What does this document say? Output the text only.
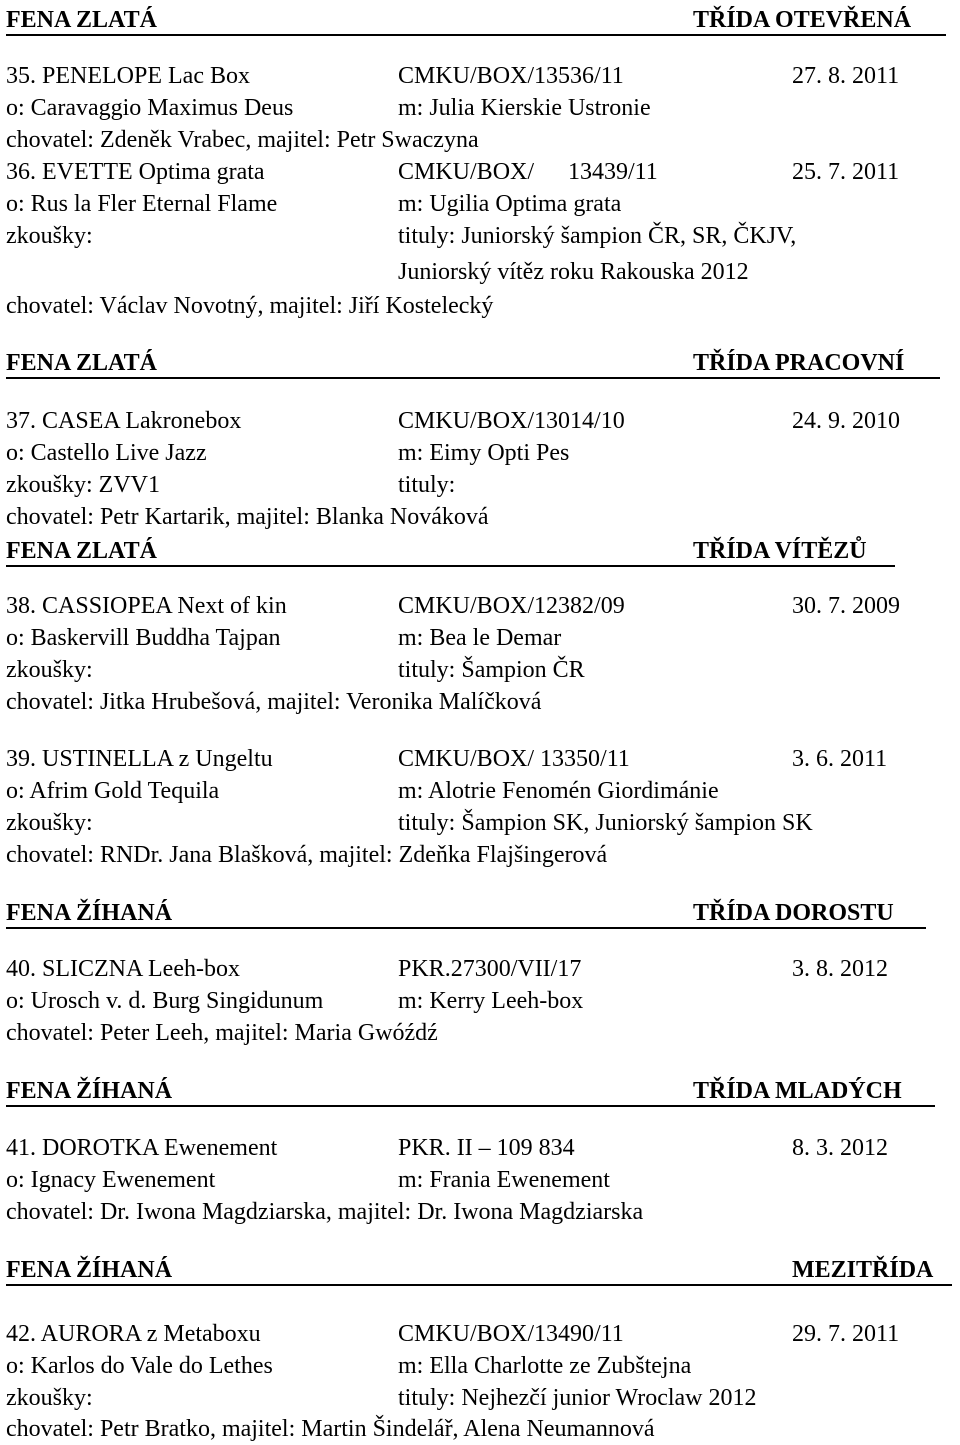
FENA ZLATÁ	TŘÍDA OTEVŘENÁ
35. PENELOPE Lac Box	CMKU/BOX/13536/11	27. 8. 2011
o: Caravaggio Maximus Deus	m: Julia Kierskie Ustronie
chovatel: Zdeněk Vrabec, majitel: Petr Swaczyna
36. EVETTE Optima grata	CMKU/BOX/ 13439/11	25. 7. 2011
o: Rus la Fler Eternal Flame	m: Ugilia Optima grata
zkoušky:	tituly: Juniorský šampion ČR, SR, ČKJV,
Juniorský vítěz roku Rakouska 2012
chovatel: Václav Novotný, majitel: Jiří Kostelecký
FENA ZLATÁ	TŘÍDA PRACOVNÍ
37. CASEA Lakronebox	CMKU/BOX/13014/10	24. 9. 2010
o: Castello Live Jazz	m: Eimy Opti Pes
zkoušky: ZVV1	tituly:
chovatel: Petr Kartarik, majitel: Blanka Nováková
FENA ZLATÁ	TŘÍDA VÍTĚZŮ
38. CASSIOPEA Next of kin	CMKU/BOX/12382/09	30. 7. 2009
o: Baskervill Buddha Tajpan	m: Bea le Demar
zkoušky:	tituly: Šampion ČR
chovatel: Jitka Hrubešová, majitel: Veronika Malíčková
39. USTINELLA z Ungeltu	CMKU/BOX/ 13350/11	3. 6. 2011
o: Afrim Gold Tequila	m: Alotrie Fenomén Giordimánie
zkoušky:	tituly: Šampion SK, Juniorský šampion SK
chovatel: RNDr. Jana Blašková, majitel: Zdeňka Flajšingerová
FENA ŽÍHANÁ	TŘÍDA DOROSTU
40. SLICZNA Leeh-box	PKR.27300/VII/17	3. 8. 2012
o: Urosch v. d. Burg Singidunum	m: Kerry Leeh-box
chovatel: Peter Leeh, majitel: Maria Gwóźdź
FENA ŽÍHANÁ	TŘÍDA MLADÝCH
41. DOROTKA Ewenement	PKR. II – 109 834	8. 3. 2012
o: Ignacy Ewenement	m: Frania Ewenement
chovatel: Dr. Iwona Magdziarska, majitel: Dr. Iwona Magdziarska
FENA ŽÍHANÁ	MEZITŘÍDA
42. AURORA z Metaboxu	CMKU/BOX/13490/11	29. 7. 2011
o: Karlos do Vale do Lethes	m: Ella Charlotte ze Zubštejna
zkoušky:	tituly: Nejhezčí junior Wroclaw 2012
chovatel: Petr Bratko, majitel: Martin Šindelář, Alena Neumannová
